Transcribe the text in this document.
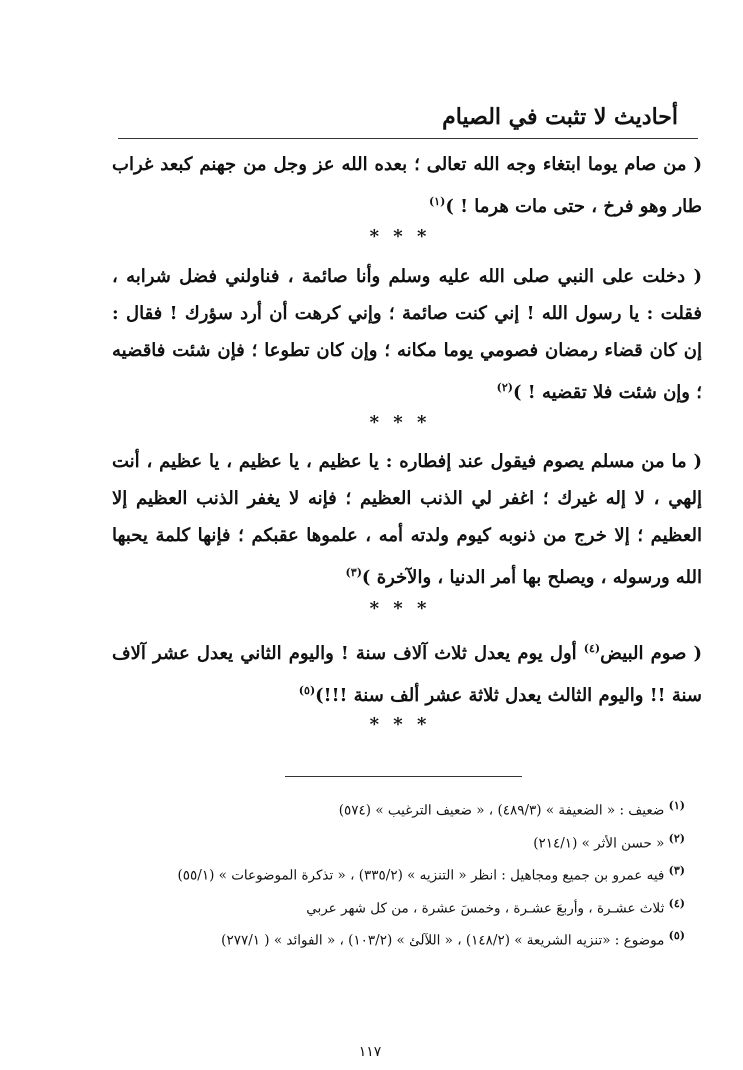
أحاديث لا تثبت في الصيام
( من صام يوما ابتغاء وجه الله تعالى ؛ بعده الله عز وجل من جهنم كبعد غراب طار وهو فرخ ، حتى مات هرما ! )$^{(١)}$
* * *
( دخلت على النبي صلى الله عليه وسلم وأنا صائمة ، فناولني فضل شرابه ، فقلت : يا رسول الله ! إني كنت صائمة ؛ وإني كرهت أن أرد سؤرك ! فقال : إن كان قضاء رمضان فصومي يوما مكانه ؛ وإن كان تطوعا ؛ فإن شئت فاقضيه ؛ وإن شئت فلا تقضيه ! )$^{(٢)}$
* * *
( ما من مسلم يصوم فيقول عند إفطاره : يا عظيم ، يا عظيم ، يا عظيم ، أنت إلهي ، لا إله غيرك ؛ اغفر لي الذنب العظيم ؛ فإنه لا يغفر الذنب العظيم إلا العظيم ؛ إلا خرج من ذنوبه كيوم ولدته أمه ، علموها عقبكم ؛ فإنها كلمة يحبها الله ورسوله ، ويصلح بها أمر الدنيا ، والآخرة )$^{(٣)}$
* * *
( صوم البيض$^{(٤)}$ أول يوم يعدل ثلاث آلاف سنة ! واليوم الثاني يعدل عشر آلاف سنة !! واليوم الثالث يعدل ثلاثة عشر ألف سنة !!!)$^{(٥)}$
* * *
$^{(١)}$ ضعيف : « الضعيفة » (٤٨٩/٣) ، « ضعيف الترغيب » (٥٧٤)
$^{(٢)}$ « حسن الأثر » (٢١٤/١)
$^{(٣)}$ فيه عمرو بن جميع ومجاهيل : انظر « التنزيه » (٣٣٥/٢) ، « تذكرة الموضوعات » (٥٥/١)
$^{(٤)}$ ثلاث عشـرة ، وأربعَ عشـرة ، وخمسَ عشرة ، من كل شهر عربي
$^{(٥)}$ موضوع : «تنزيه الشريعة » (١٤٨/٢) ، « اللآلئ » (١٠٣/٢) ، « الفوائد » ( ٢٧٧/١)
١١٧
